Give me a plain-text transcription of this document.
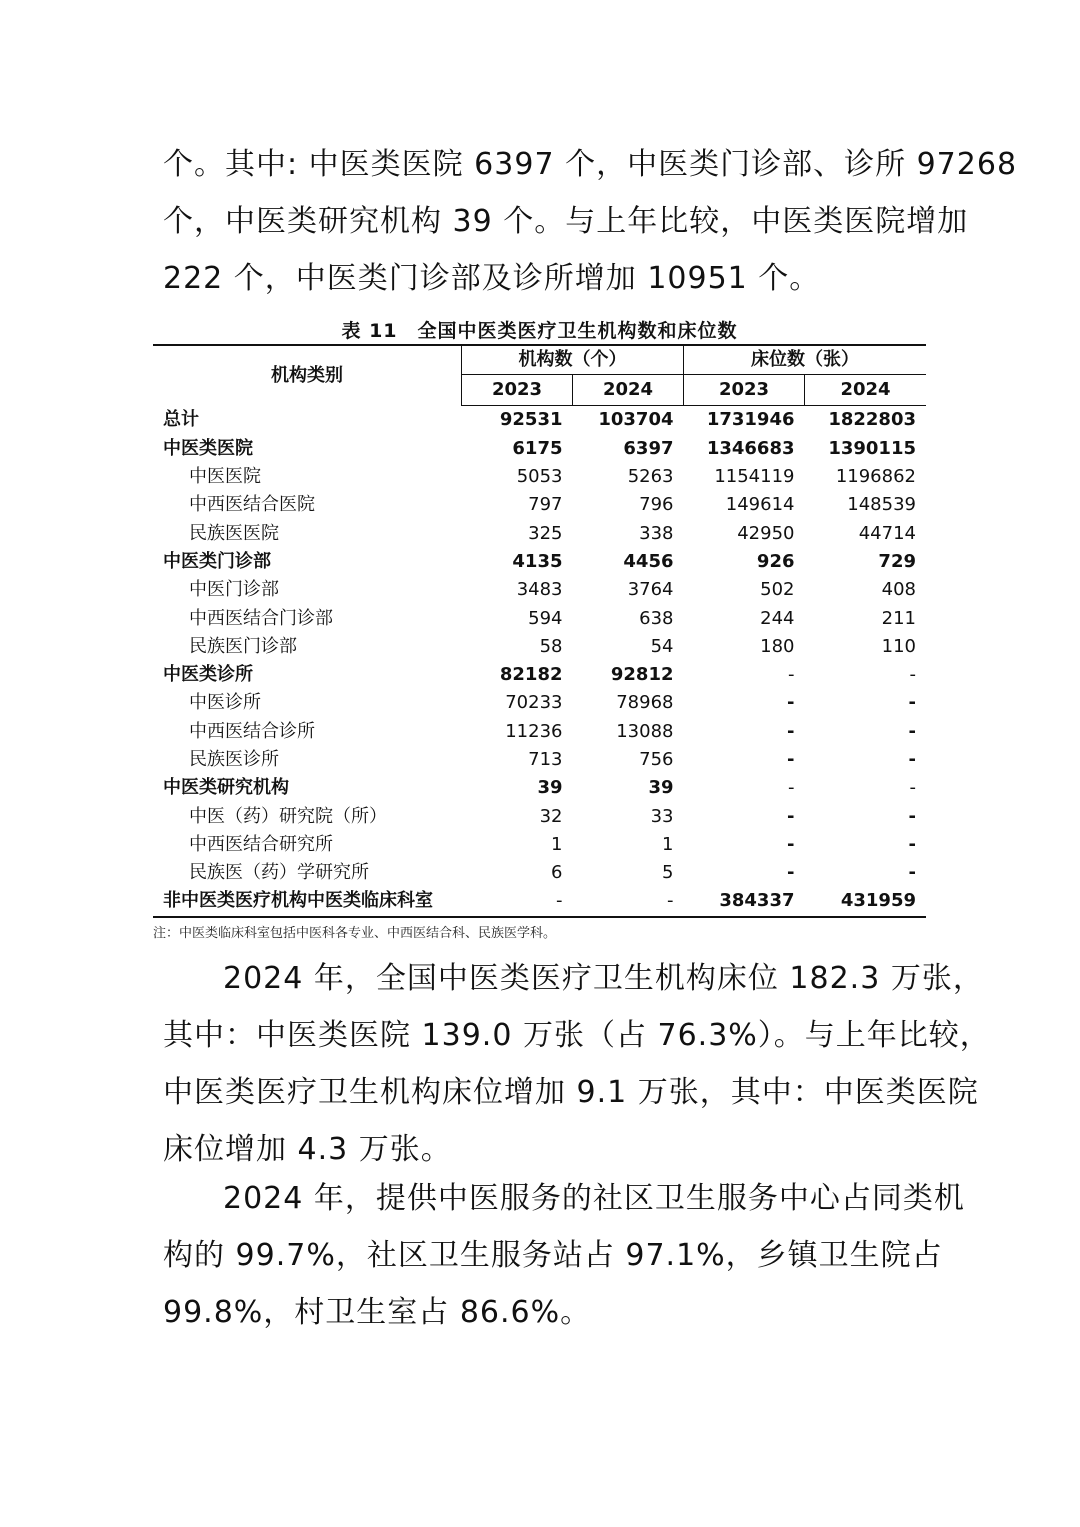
个。其中: 中医类医院 6397 个，中医类门诊部、诊所 97268
个，中医类研究机构 39 个。与上年比较，中医类医院增加
222 个，中医类门诊部及诊所增加 10951 个。
表 11　全国中医类医疗卫生机构数和床位数
机构类别	机构数（个）		床位数（张）	
	2023	2024	2023	2024
总计	92531	103704	1731946	1822803
中医类医院	6175	6397	1346683	1390115
中医医院	5053	5263	1154119	1196862
中西医结合医院	797	796	149614	148539
民族医医院	325	338	42950	44714
中医类门诊部	4135	4456	926	729
中医门诊部	3483	3764	502	408
中西医结合门诊部	594	638	244	211
民族医门诊部	58	54	180	110
中医类诊所	82182	92812	-	-
中医诊所	70233	78968	-	-
中西医结合诊所	11236	13088	-	-
民族医诊所	713	756	-	-
中医类研究机构	39	39	-	-
中医（药）研究院（所）	32	33	-	-
中西医结合研究所	1	1	-	-
民族医（药）学研究所	6	5	-	-
非中医类医疗机构中医类临床科室	-	-	384337	431959
注：中医类临床科室包括中医科各专业、中西医结合科、民族医学科。
2024 年，全国中医类医疗卫生机构床位 182.3 万张，
其中：中医类医院 139.0 万张（占 76.3%）。与上年比较，
中医类医疗卫生机构床位增加 9.1 万张，其中：中医类医院
床位增加 4.3 万张。
2024 年，提供中医服务的社区卫生服务中心占同类机
构的 99.7%，社区卫生服务站占 97.1%，乡镇卫生院占
99.8%，村卫生室占 86.6%。
